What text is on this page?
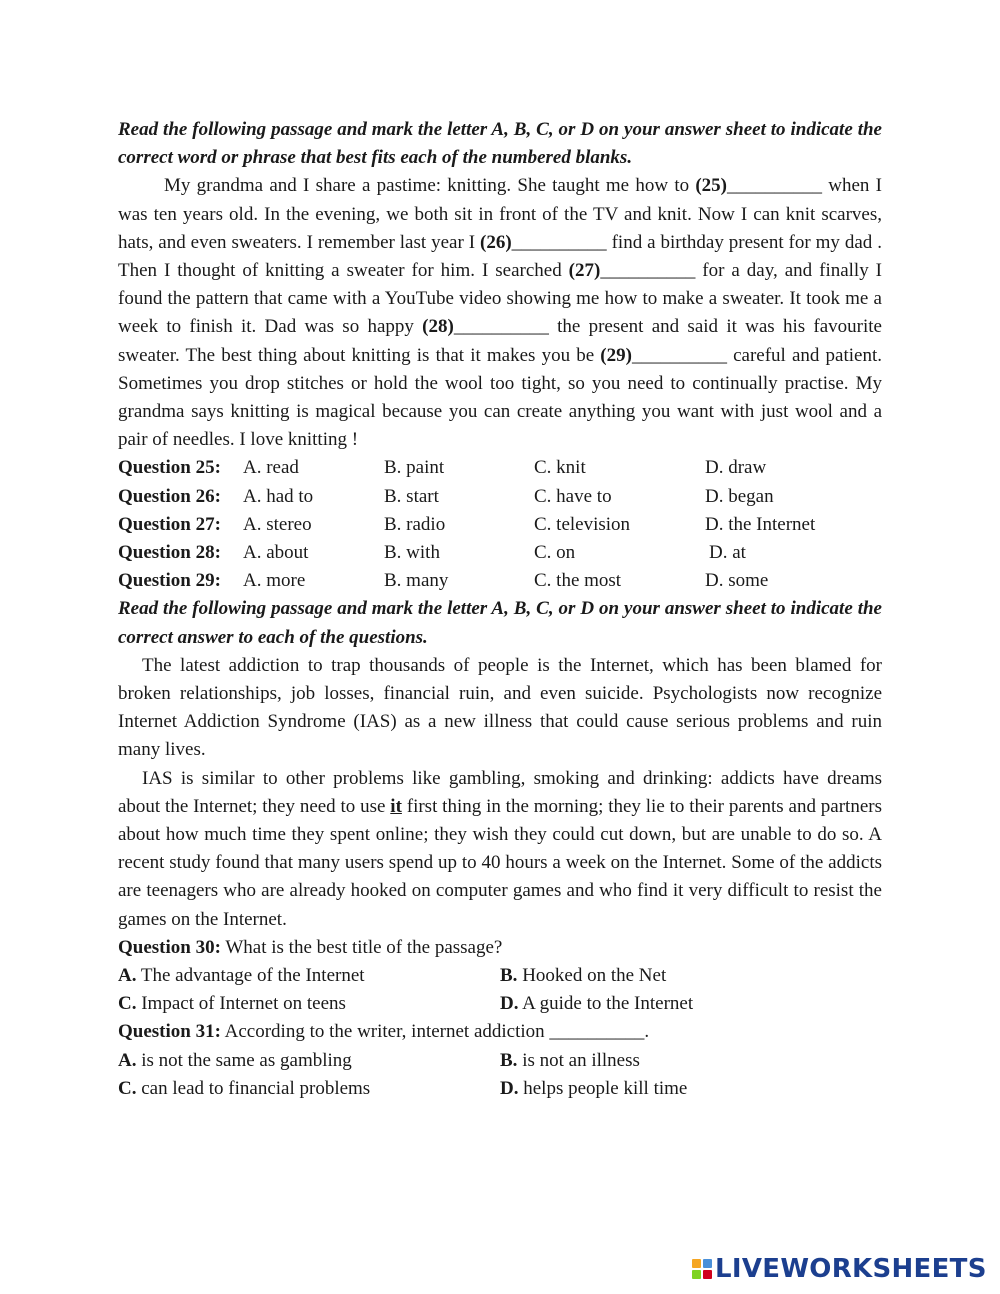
Read the following passage and mark the letter A, B, C, or D on your answer sheet to indicate the correct word or phrase that best fits each of the numbered blanks.
My grandma and I share a pastime: knitting. She taught me how to (25)__________ when I was ten years old. In the evening, we both sit in front of the TV and knit. Now I can knit scarves, hats, and even sweaters. I remember last year I (26)__________ find a birthday present for my dad . Then I thought of knitting a sweater for him. I searched (27)__________ for a day, and finally I found the pattern that came with a YouTube video showing me how to make a sweater. It took me a week to finish it. Dad was so happy (28)__________ the present and said it was his favourite sweater. The best thing about knitting is that it makes you be (29)__________ careful and patient. Sometimes you drop stitches or hold the wool too tight, so you need to continually practise. My grandma says knitting is magical because you can create anything you want with just wool and a pair of needles. I love knitting !
Question 25: A. read	B. paint	C. knit	D. draw
Question 26: A. had to	B. start	C. have to	D. began
Question 27: A. stereo	B. radio	C. television	D. the Internet
Question 28: A. about	B. with	C. on	D. at
Question 29: A. more	B. many	C. the most	D. some
Read the following passage and mark the letter A, B, C, or D on your answer sheet to indicate the correct answer to each of the questions.
The latest addiction to trap thousands of people is the Internet, which has been blamed for broken relationships, job losses, financial ruin, and even suicide. Psychologists now recognize Internet Addiction Syndrome (IAS) as a new illness that could cause serious problems and ruin many lives.
IAS is similar to other problems like gambling, smoking and drinking: addicts have dreams about the Internet; they need to use it first thing in the morning; they lie to their parents and partners about how much time they spent online; they wish they could cut down, but are unable to do so. A recent study found that many users spend up to 40 hours a week on the Internet. Some of the addicts are teenagers who are already hooked on computer games and who find it very difficult to resist the games on the Internet.
Question 30: What is the best title of the passage?
A. The advantage of the Internet	B. Hooked on the Net
C. Impact of Internet on teens	D. A guide to the Internet
Question 31: According to the writer, internet addiction __________.
A. is not the same as gambling	B. is not an illness
C. can lead to financial problems	D. helps people kill time
LIVEWORKSHEETS
